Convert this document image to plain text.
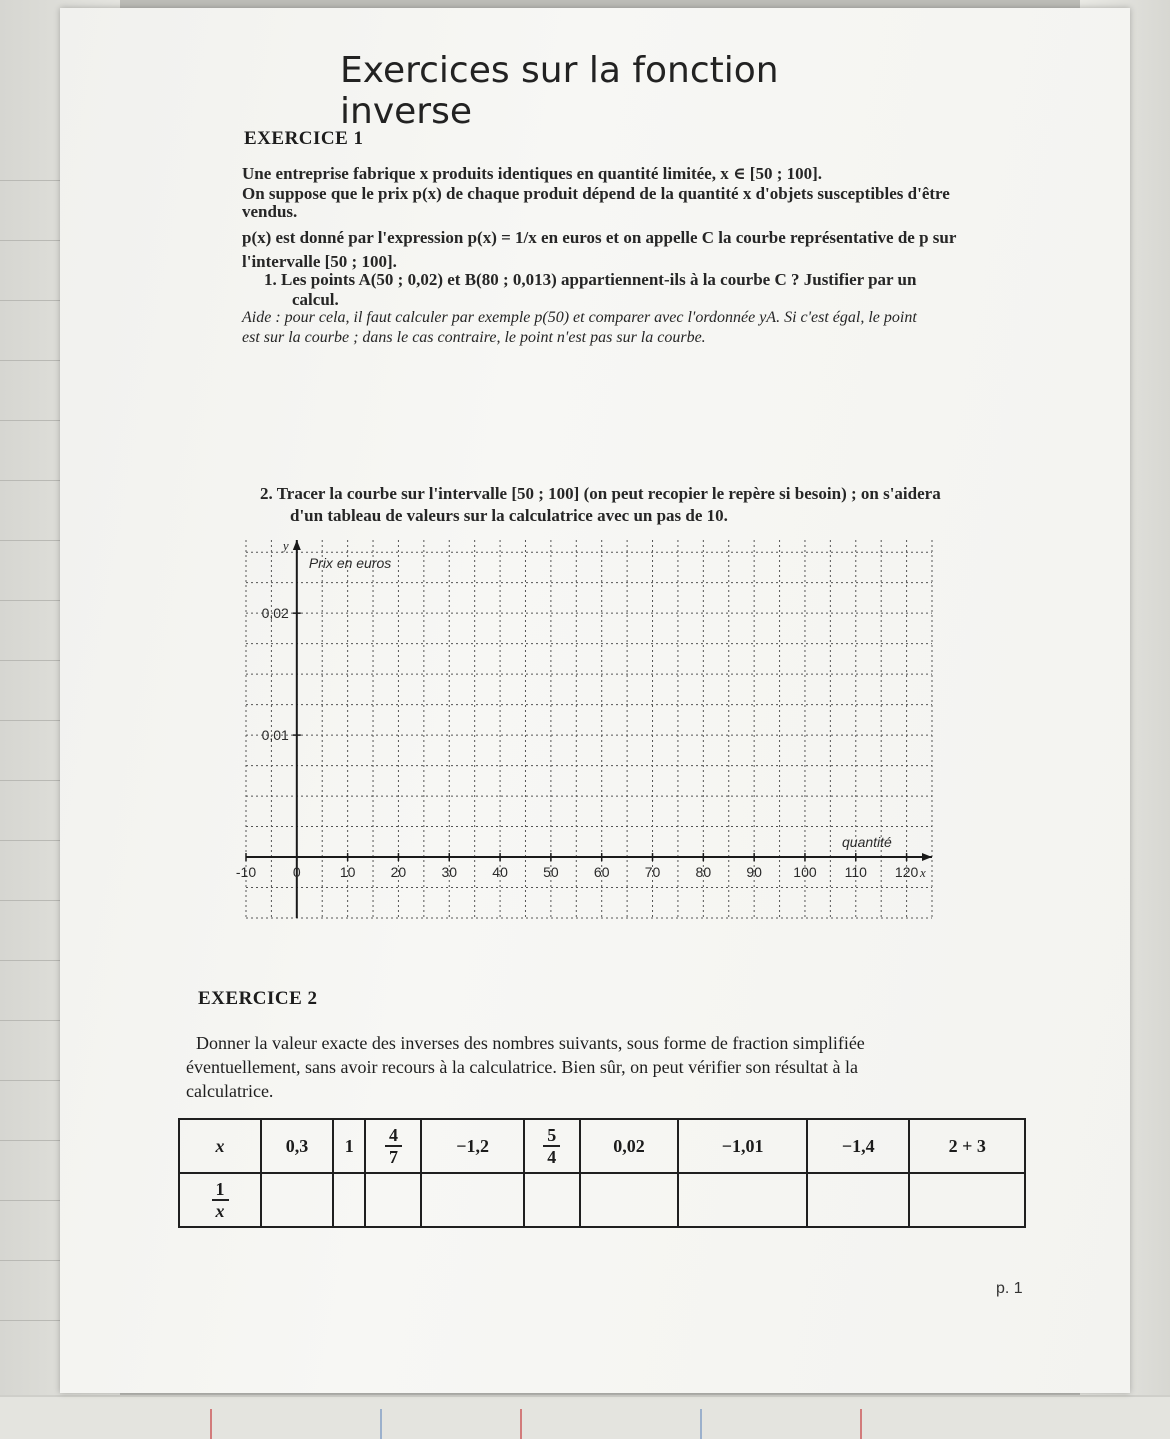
Exercices sur la fonction inverse
EXERCICE 1
Une entreprise fabrique x produits identiques en quantité limitée, x ∈ [50 ; 100].
On suppose que le prix p(x) de chaque produit dépend de la quantité x d'objets susceptibles d'être
vendus.
p(x) est donné par l'expression p(x) = 1/x en euros et on appelle C la courbe représentative de p sur
l'intervalle [50 ; 100].
1. Les points A(50 ; 0,02) et B(80 ; 0,013) appartiennent-ils à la courbe C ? Justifier par un
calcul.
Aide : pour cela, il faut calculer par exemple p(50) et comparer avec l'ordonnée yA. Si c'est égal, le point
est sur la courbe ; dans le cas contraire, le point n'est pas sur la courbe.
2. Tracer la courbe sur l'intervalle [50 ; 100] (on peut recopier le repère si besoin) ; on s'aidera
d'un tableau de valeurs sur la calculatrice avec un pas de 10.
-10	0	10	20	30	40	50	60	70	80	90 100 110 120
0,01
0,02
Prix en euros
y
quantité
x
EXERCICE 2
Donner la valeur exacte des inverses des nombres suivants, sous forme de fraction simplifiée
éventuellement, sans avoir recours à la calculatrice. Bien sûr, on peut vérifier son résultat à la
calculatrice.
x	0,3	1	$\frac{4}{7}$	−1,2	$\frac{5}{4}$	0,02	−1,01	−1,4	2 + 3

$\frac{1}{x}$

p. 1
